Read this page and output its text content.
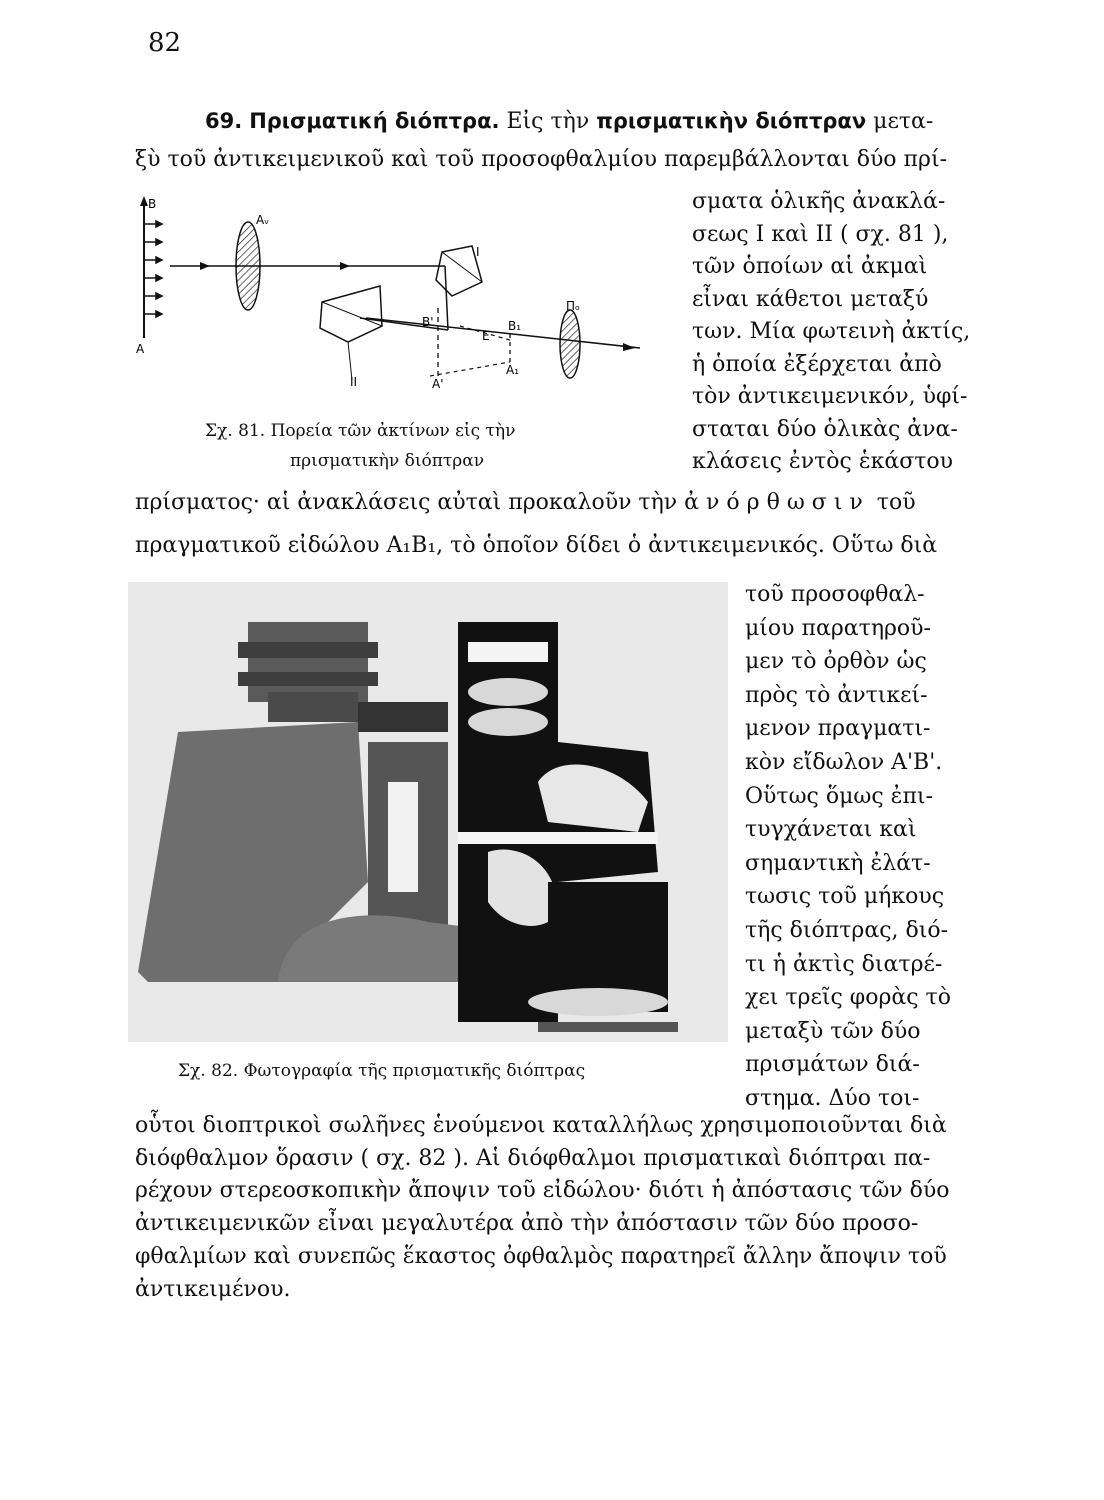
82
69. Πρισματική διόπτρα. Εἰς τὴν πρισματικὴν διόπτραν μετα-
ξὺ τοῦ ἀντικειμενικοῦ καὶ τοῦ προσοφθαλμίου παρεμβάλλονται δύο πρί-
σματα ὁλικῆς ἀνακλά-
σεως I καὶ II ( σχ. 81 ),
τῶν ὁποίων αἱ ἀκμαὶ
εἶναι κάθετοι μεταξύ
των. Μία φωτεινὴ ἀκτίς,
ἡ ὁποία ἐξέρχεται ἀπὸ
τὸν ἀντικειμενικόν, ὑφί-
σταται δύο ὁλικὰς ἀνα-
κλάσεις ἐντὸς ἑκάστου
B
A
Aᵥ
I
II
B'
A'
E
B₁
A₁
Πₒ
Σχ. 81. Πορεία τῶν ἀκτίνων εἰς τὴν
πρισματικὴν διόπτραν
πρίσματος· αἱ ἀνακλάσεις αὐταὶ προκαλοῦν τὴν ἀνόρθωσιν τοῦ
πραγματικοῦ εἰδώλου A₁B₁, τὸ ὁποῖον δίδει ὁ ἀντικειμενικός. Οὕτω διὰ
τοῦ προσοφθαλ-
μίου παρατηροῦ-
μεν τὸ ὀρθὸν ὡς
πρὸς τὸ ἀντικεί-
μενον πραγματι-
κὸν εἴδωλον A'B'.
Οὕτως ὅμως ἐπι-
τυγχάνεται καὶ
σημαντικὴ ἐλάτ-
τωσις τοῦ μήκους
τῆς διόπτρας, διό-
τι ἡ ἀκτὶς διατρέ-
χει τρεῖς φορὰς τὸ
μεταξὺ τῶν δύο
πρισμάτων διά-
στημα. Δύο τοι-
Σχ. 82. Φωτογραφία τῆς πρισματικῆς διόπτρας
οὗτοι διοπτρικοὶ σωλῆνες ἑνούμενοι καταλλήλως χρησιμοποιοῦνται διὰ
διόφθαλμον ὅρασιν ( σχ. 82 ). Αἱ διόφθαλμοι πρισματικαὶ διόπτραι πα-
ρέχουν στερεοσκοπικὴν ἄποψιν τοῦ εἰδώλου· διότι ἡ ἀπόστασις τῶν δύο
ἀντικειμενικῶν εἶναι μεγαλυτέρα ἀπὸ τὴν ἀπόστασιν τῶν δύο προσο-
φθαλμίων καὶ συνεπῶς ἕκαστος ὀφθαλμὸς παρατηρεῖ ἄλλην ἄποψιν τοῦ
ἀντικειμένου.
